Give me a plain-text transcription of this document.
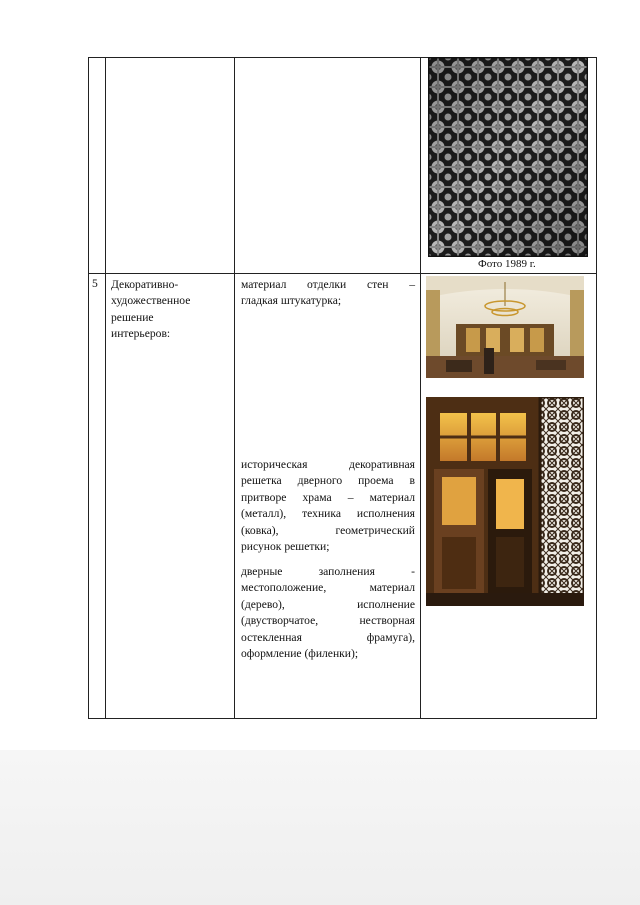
Фото 1989 г.
5 Декоративно-
художественное
решение
интерьеров:
материал отделки стен –
гладкая штукатурка;
историческая декоративная
решетка дверного проема в
притворе храма – материал
(металл), техника исполнения
(ковка), геометрический
рисунок решетки;
дверные заполнения -
местоположение, материал
(дерево), исполнение
(двустворчатое, нестворная
остекленная фрамуга),
оформление (филенки);
